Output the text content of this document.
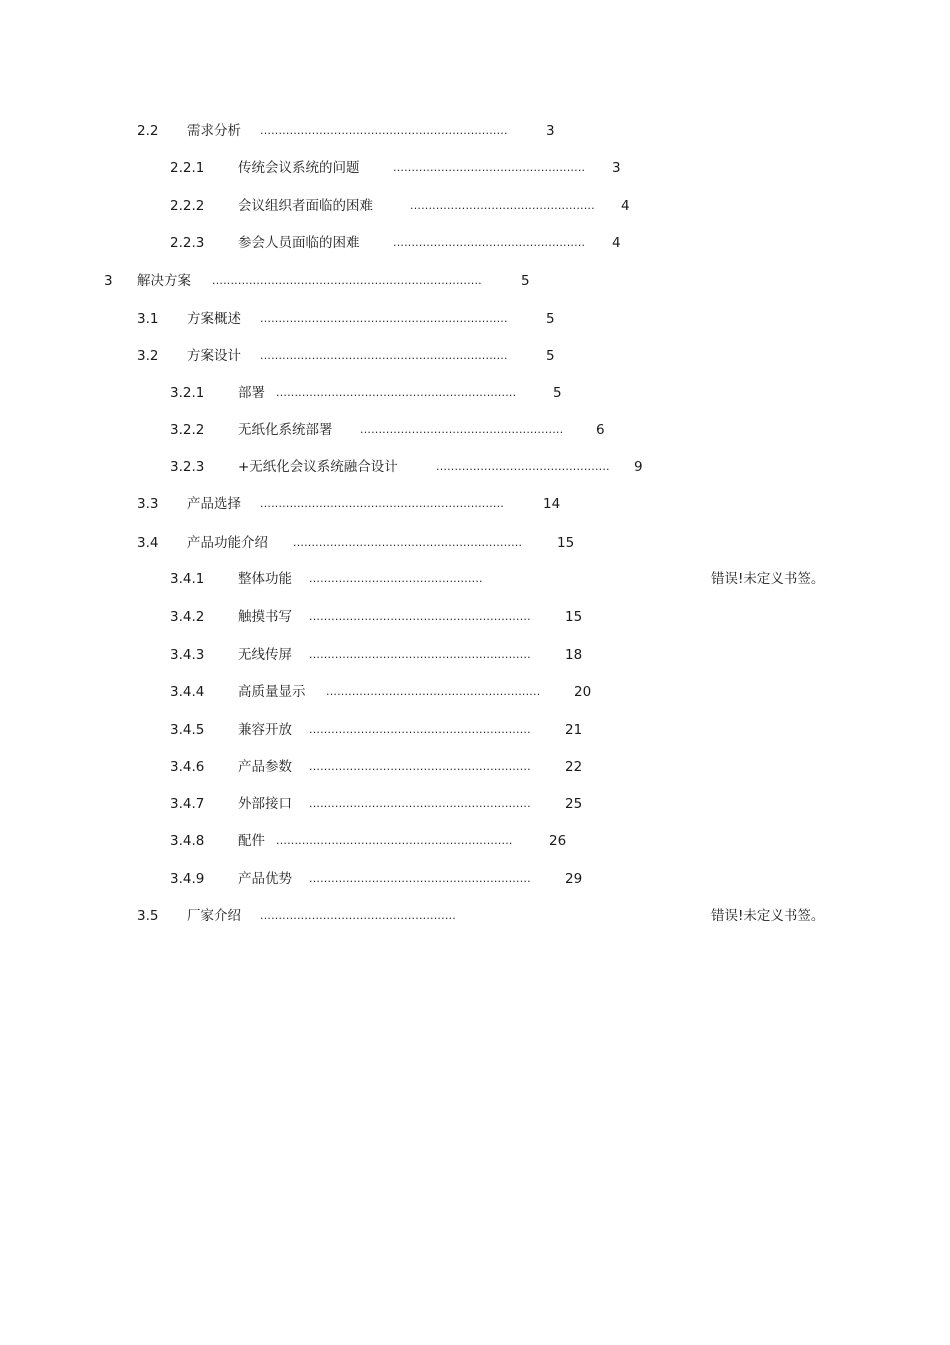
2.2 需求分析 ...................................................................	3
2.2.1 传统会议系统的问题	.................................................... 3
2.2.2 会议组织者面临的困难	.................................................. 4
2.2.3 参会人员面临的困难	.................................................... 4
3 解决方案 .........................................................................	5
3.1 方案概述 ...................................................................	5
3.2 方案设计 ...................................................................	5
3.2.1 部署 .................................................................	5
3.2.2 无纸化系统部署	....................................................... 6
3.2.3 +无纸化会议系统融合设计	............................................... 9
3.3 产品选择 ..................................................................	14
3.4 产品功能介绍 ..............................................................	15
3.4.1 整体功能 ...............................................	错误!未定义书签。
3.4.2 触摸书写 ............................................................	15
3.4.3 无线传屏 ............................................................	18
3.4.4 高质量显示 .......................................................... 20
3.4.5 兼容开放 ............................................................	21
3.4.6 产品参数 ............................................................	22
3.4.7 外部接口 ............................................................	25
3.4.8 配件 ................................................................	26
3.4.9 产品优势 ............................................................	29
3.5 厂家介绍 .....................................................	错误!未定义书签。
